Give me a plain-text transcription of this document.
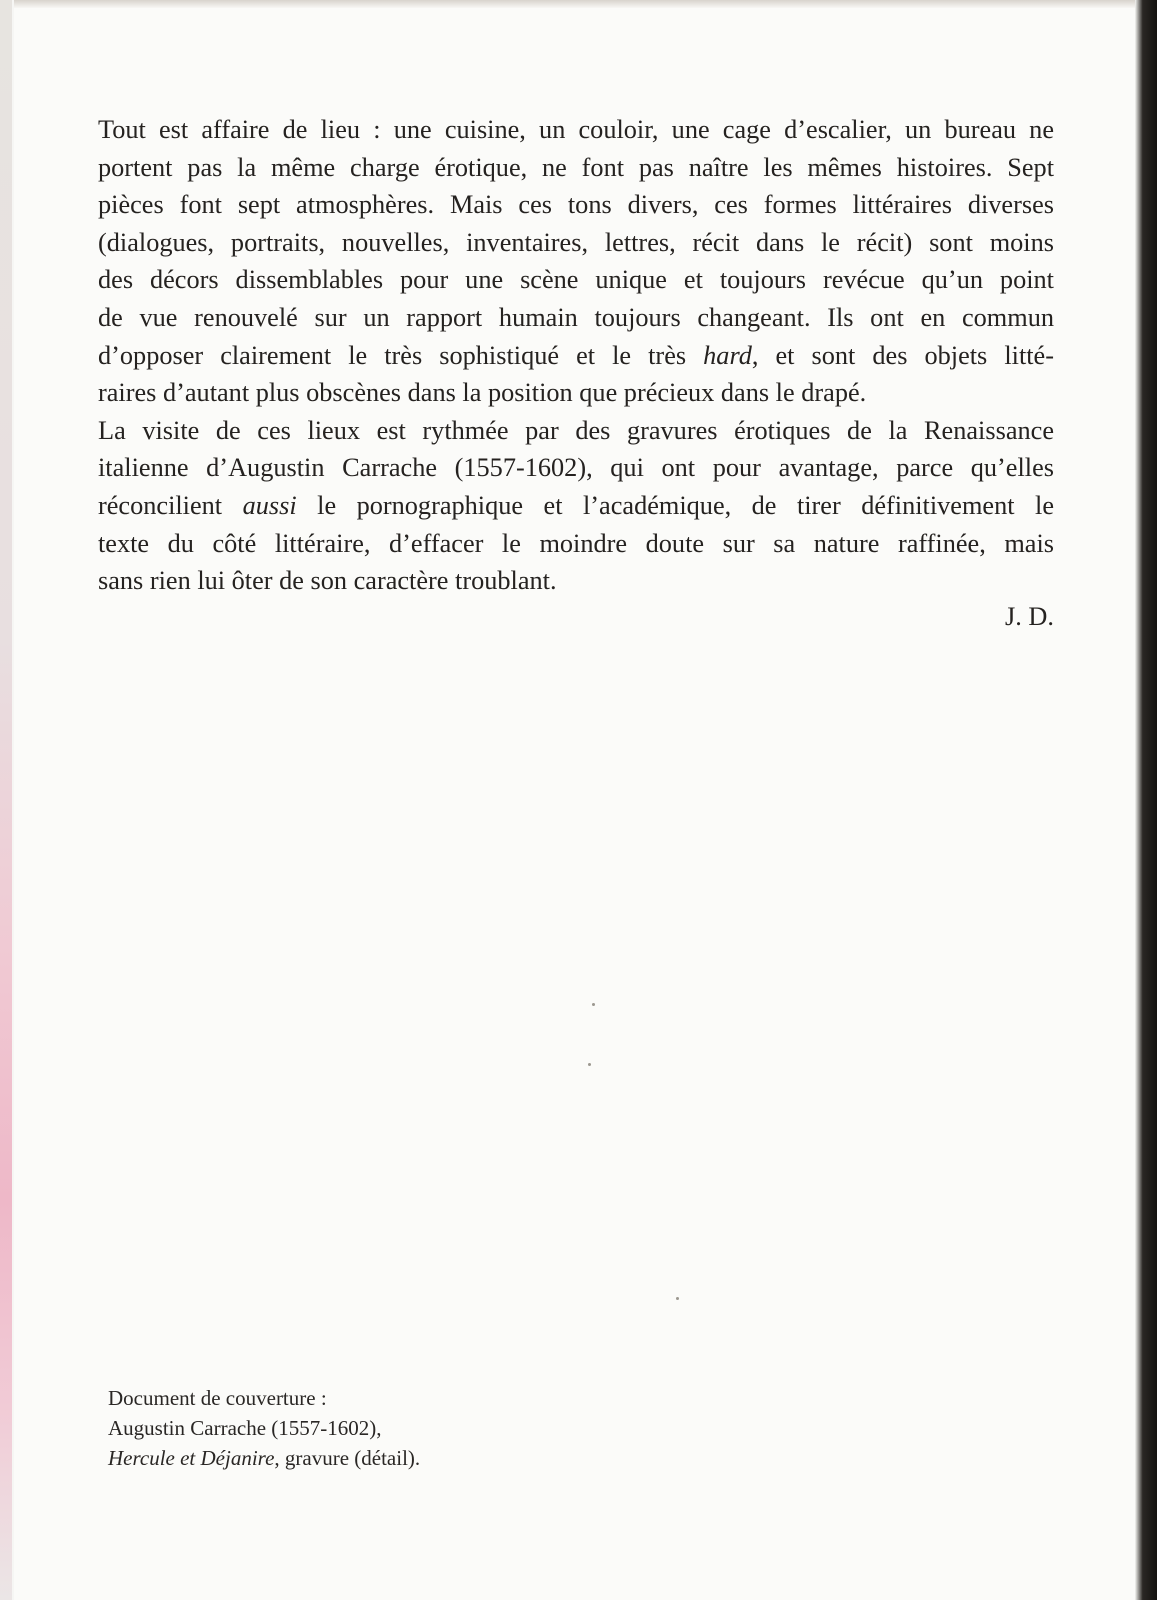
Tout est affaire de lieu : une cuisine, un couloir, une cage d’escalier, un bureau ne
portent pas la même charge érotique, ne font pas naître les mêmes histoires. Sept
pièces font sept atmosphères. Mais ces tons divers, ces formes littéraires diverses
(dialogues, portraits, nouvelles, inventaires, lettres, récit dans le récit) sont moins
des décors dissemblables pour une scène unique et toujours revécue qu’un point
de vue renouvelé sur un rapport humain toujours changeant. Ils ont en commun
d’opposer clairement le très sophistiqué et le très hard, et sont des objets litté-
raires d’autant plus obscènes dans la position que précieux dans le drapé.

La visite de ces lieux est rythmée par des gravures érotiques de la Renaissance
italienne d’Augustin Carrache (1557-1602), qui ont pour avantage, parce qu’elles
réconcilient aussi le pornographique et l’académique, de tirer définitivement le
texte du côté littéraire, d’effacer le moindre doute sur sa nature raffinée, mais
sans rien lui ôter de son caractère troublant.

J. D.
Document de couverture :
Augustin Carrache (1557-1602),
Hercule et Déjanire, gravure (détail).
